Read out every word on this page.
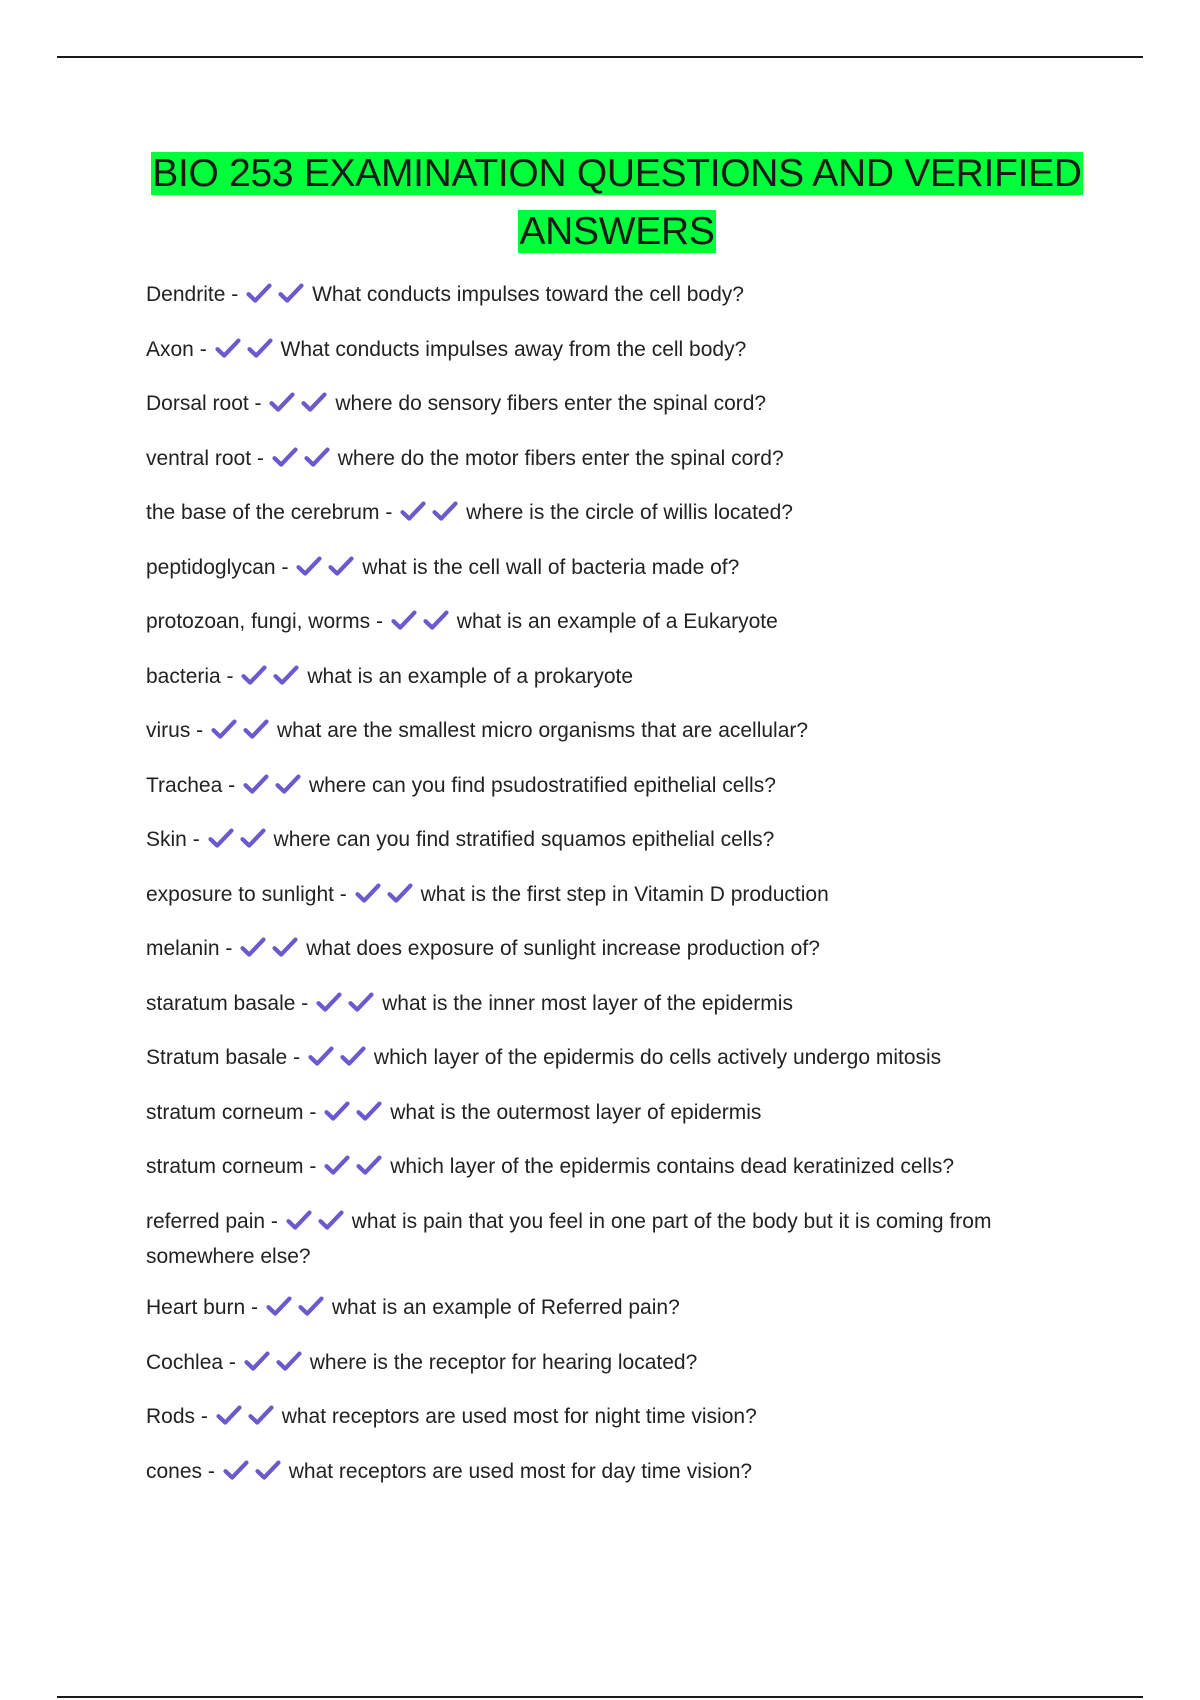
BIO 253 EXAMINATION QUESTIONS AND VERIFIED
ANSWERS
Dendrite -	What conducts impulses toward the cell body?
Axon -	What conducts impulses away from the cell body?
Dorsal root -	where do sensory fibers enter the spinal cord?
ventral root -	where do the motor fibers enter the spinal cord?
the base of the cerebrum -	where is the circle of willis located?
peptidoglycan -	what is the cell wall of bacteria made of?
protozoan, fungi, worms -	what is an example of a Eukaryote
bacteria -	what is an example of a prokaryote
virus -	what are the smallest micro organisms that are acellular?
Trachea -	where can you find psudostratified epithelial cells?
Skin -	where can you find stratified squamos epithelial cells?
exposure to sunlight -	what is the first step in Vitamin D production
melanin -	what does exposure of sunlight increase production of?
staratum basale -	what is the inner most layer of the epidermis
Stratum basale -	which layer of the epidermis do cells actively undergo mitosis
stratum corneum -	what is the outermost layer of epidermis
stratum corneum -	which layer of the epidermis contains dead keratinized cells?
referred pain -	what is pain that you feel in one part of the body but it is coming from somewhere else?
Heart burn -	what is an example of Referred pain?
Cochlea -	where is the receptor for hearing located?
Rods -	what receptors are used most for night time vision?
cones -	what receptors are used most for day time vision?
